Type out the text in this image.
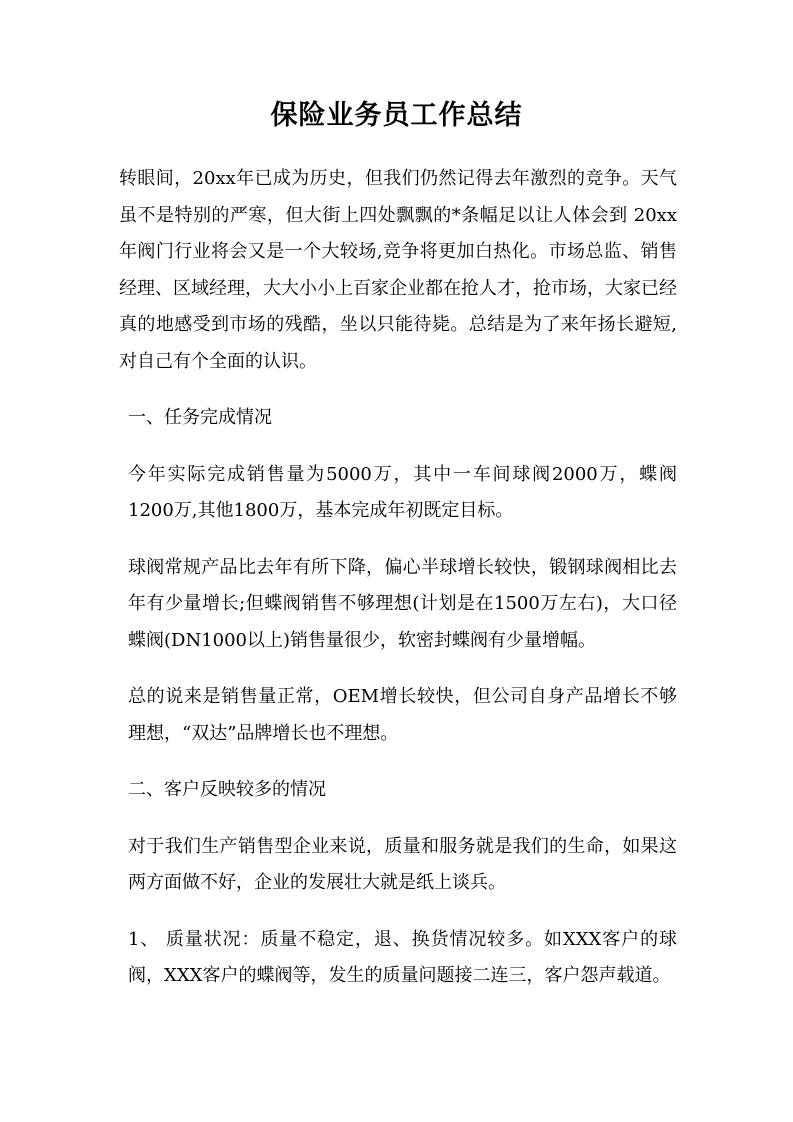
保险业务员工作总结

转眼间，20xx年已成为历史，但我们仍然记得去年激烈的竞争。天气虽不是特别的严寒，但大街上四处飘飘的*条幅足以让人体会到 20xx年阀门行业将会又是一个大较场,竞争将更加白热化。市场总监、销售经理、区域经理，大大小小上百家企业都在抢人才，抢市场，大家已经真的地感受到市场的残酷，坐以只能待毙。总结是为了来年扬长避短,对自己有个全面的认识。

一、任务完成情况

今年实际完成销售量为5000万，其中一车间球阀2000万，蝶阀1200万,其他1800万，基本完成年初既定目标。

球阀常规产品比去年有所下降，偏心半球增长较快，锻钢球阀相比去年有少量增长;但蝶阀销售不够理想(计划是在1500万左右)，大口径蝶阀(DN1000以上)销售量很少，软密封蝶阀有少量增幅。

总的说来是销售量正常，OEM增长较快，但公司自身产品增长不够理想，“双达”品牌增长也不理想。

二、客户反映较多的情况

对于我们生产销售型企业来说，质量和服务就是我们的生命，如果这两方面做不好，企业的发展壮大就是纸上谈兵。

1、 质量状况：质量不稳定，退、换货情况较多。如XXX客户的球阀，XXX客户的蝶阀等，发生的质量问题接二连三，客户怨声载道。
